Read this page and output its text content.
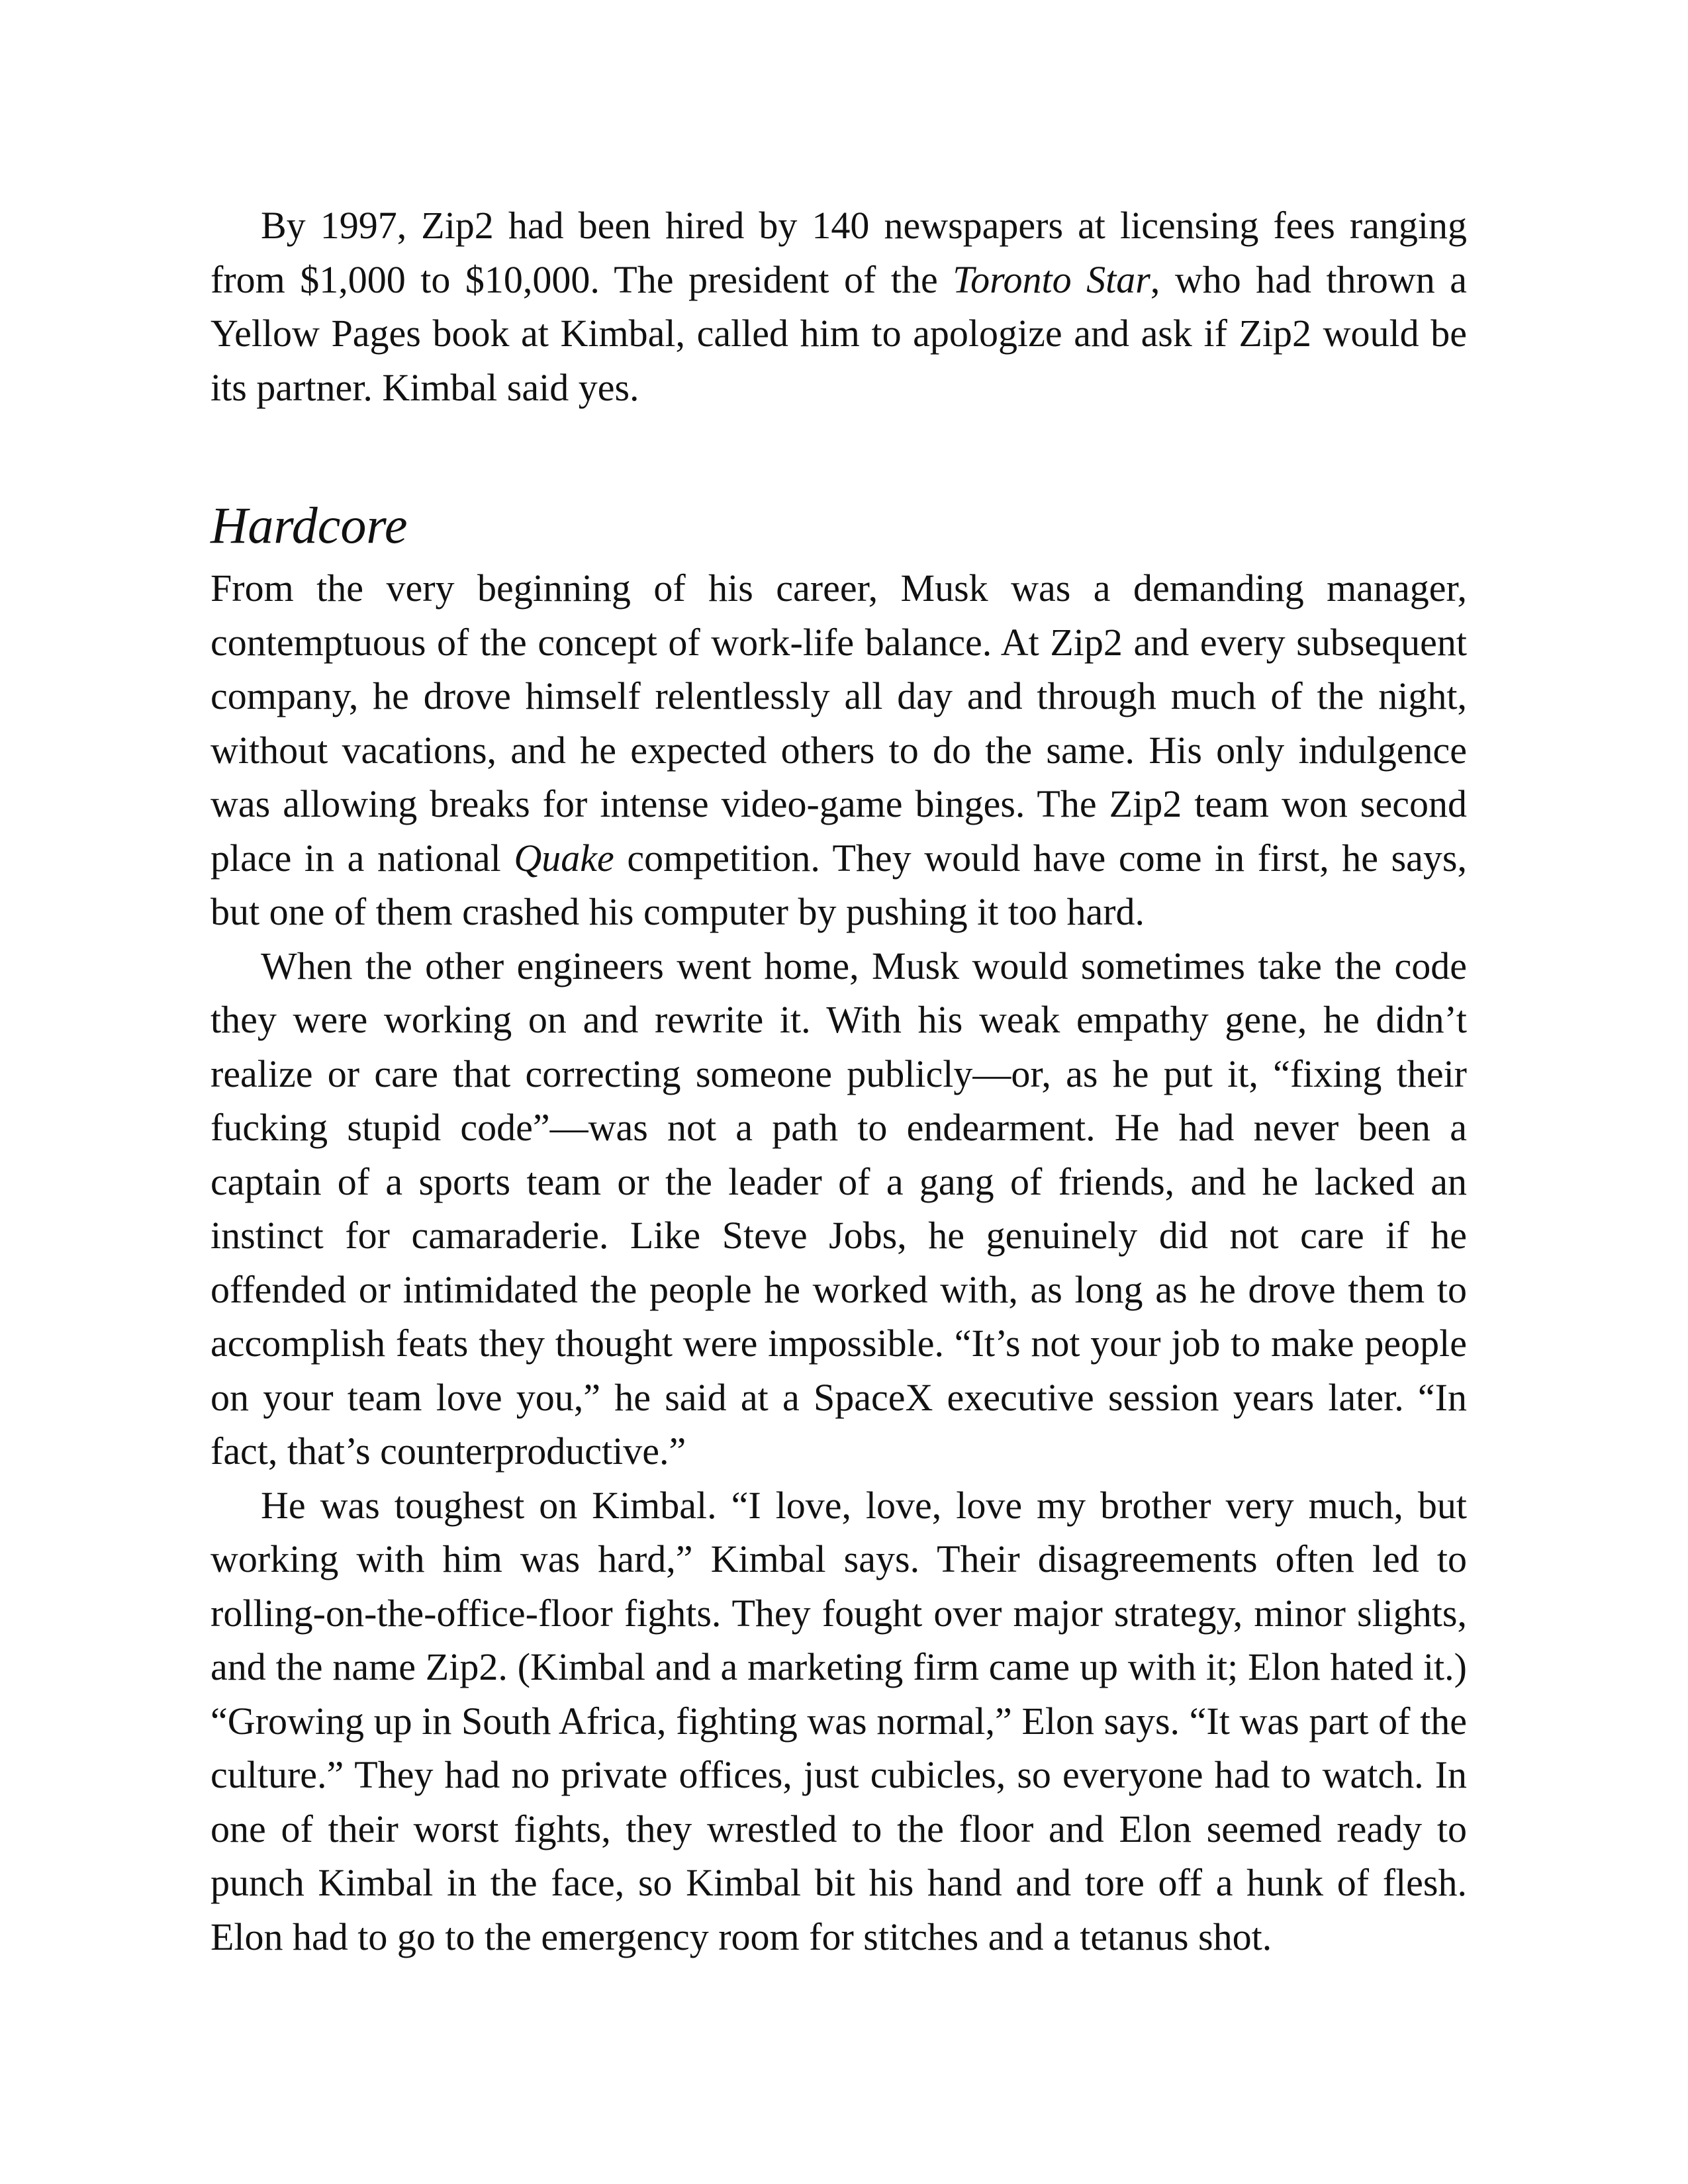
By 1997, Zip2 had been hired by 140 newspapers at licensing fees ranging from $1,000 to $10,000. The president of the Toronto Star, who had thrown a Yellow Pages book at Kimbal, called him to apologize and ask if Zip2 would be its partner. Kimbal said yes.

Hardcore

From the very beginning of his career, Musk was a demanding manager, contemptuous of the concept of work-life balance. At Zip2 and every subsequent company, he drove himself relentlessly all day and through much of the night, without vacations, and he expected others to do the same. His only indulgence was allowing breaks for intense video-game binges. The Zip2 team won second place in a national Quake competition. They would have come in first, he says, but one of them crashed his computer by pushing it too hard.

When the other engineers went home, Musk would sometimes take the code they were working on and rewrite it. With his weak empathy gene, he didn’t realize or care that correcting someone publicly—or, as he put it, “fixing their fucking stupid code”—was not a path to endearment. He had never been a captain of a sports team or the leader of a gang of friends, and he lacked an instinct for camaraderie. Like Steve Jobs, he genuinely did not care if he offended or intimidated the people he worked with, as long as he drove them to accomplish feats they thought were impossible. “It’s not your job to make people on your team love you,” he said at a SpaceX executive session years later. “In fact, that’s counterproductive.”

He was toughest on Kimbal. “I love, love, love my brother very much, but working with him was hard,” Kimbal says. Their disagreements often led to rolling-on-the-office-floor fights. They fought over major strategy, minor slights, and the name Zip2. (Kimbal and a marketing firm came up with it; Elon hated it.) “Growing up in South Africa, fighting was normal,” Elon says. “It was part of the culture.” They had no private offices, just cubicles, so everyone had to watch. In one of their worst fights, they wrestled to the floor and Elon seemed ready to punch Kimbal in the face, so Kimbal bit his hand and tore off a hunk of flesh. Elon had to go to the emergency room for stitches and a tetanus shot.
